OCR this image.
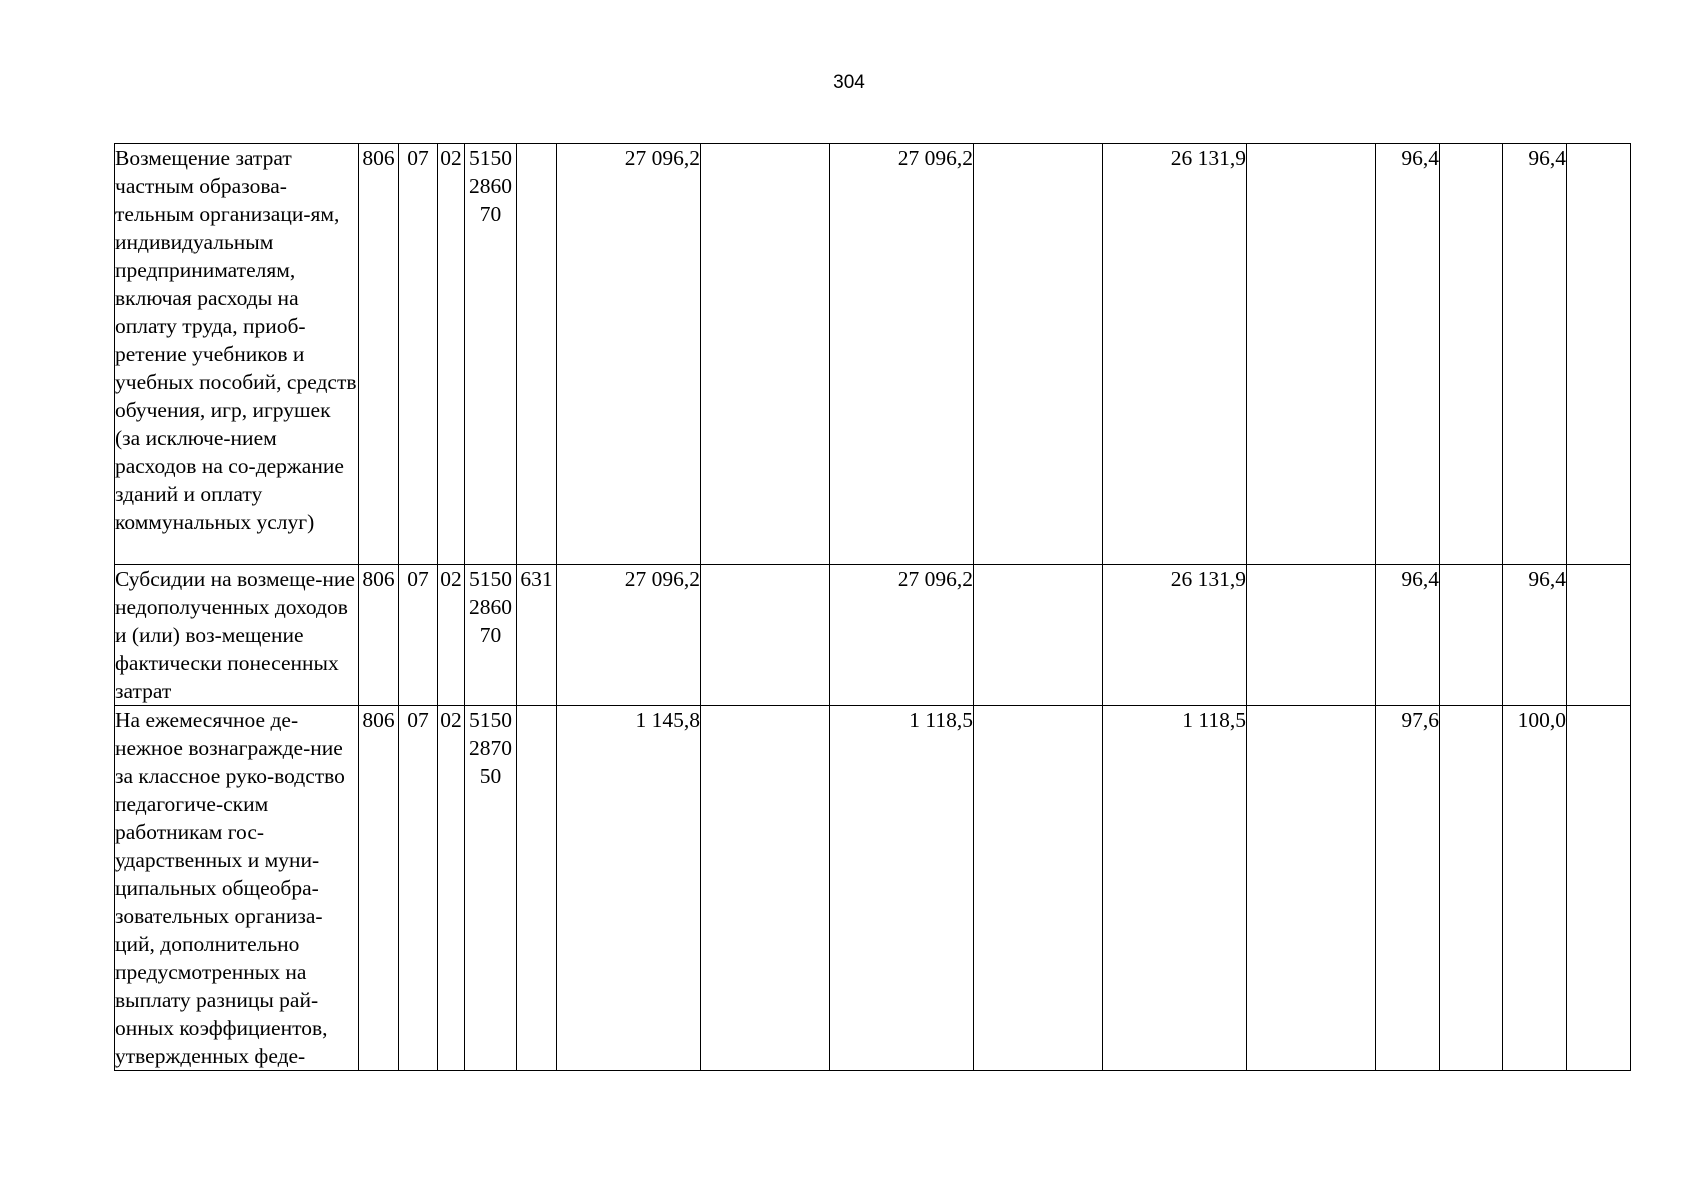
304
Возмещение затрат частным образова-тельным организаци-ям, индивидуальным предпринимателям, включая расходы на оплату труда, приоб-ретение учебников и учебных пособий, средств обучения, игр, игрушек (за исключе-нием расходов на со-держание зданий и оплату коммунальных услуг)	806	07	02	5150286070		27 096,2		27 096,2		26 131,9		96,4		96,4	
Субсидии на возмеще-ние недополученных доходов и (или) воз-мещение фактически понесенных затрат	806	07	02	5150286070	631	27 096,2		27 096,2		26 131,9		96,4		96,4	
На ежемесячное де-нежное вознагражде-ние за классное руко-водство педагогиче-ским работникам гос-ударственных и муни-ципальных общеобра-зовательных организа-ций, дополнительно предусмотренных на выплату разницы рай-онных коэффициентов, утвержденных феде-	806	07	02	5150287050		1 145,8		1 118,5		1 118,5		97,6		100,0	
